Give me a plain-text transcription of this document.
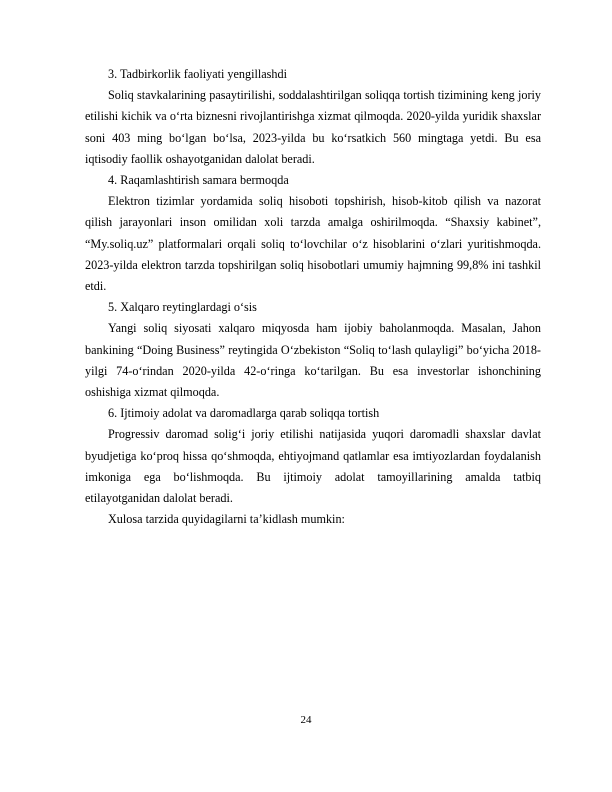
3. Tadbirkorlik faoliyati yengillashdi

Soliq stavkalarining pasaytirilishi, soddalashtirilgan soliqqa tortish tizimining keng joriy etilishi kichik va o‘rta biznesni rivojlantirishga xizmat qilmoqda. 2020-yilda yuridik shaxslar soni 403 ming bo‘lgan bo‘lsa, 2023-yilda bu ko‘rsatkich 560 mingtaga yetdi. Bu esa iqtisodiy faollik oshayotganidan dalolat beradi.

4. Raqamlashtirish samara bermoqda

Elektron tizimlar yordamida soliq hisoboti topshirish, hisob-kitob qilish va nazorat qilish jarayonlari inson omilidan xoli tarzda amalga oshirilmoqda. “Shaxsiy kabinet”, “My.soliq.uz” platformalari orqali soliq to‘lovchilar o‘z hisoblarini o‘zlari yuritishmoqda. 2023-yilda elektron tarzda topshirilgan soliq hisobotlari umumiy hajmning 99,8% ini tashkil etdi.

5. Xalqaro reytinglardagi o‘sis

Yangi soliq siyosati xalqaro miqyosda ham ijobiy baholanmoqda. Masalan, Jahon bankining “Doing Business” reytingida O‘zbekiston “Soliq to‘lash qulayligi” bo‘yicha 2018-yilgi 74-o‘rindan 2020-yilda 42-o‘ringa ko‘tarilgan. Bu esa investorlar ishonchining oshishiga xizmat qilmoqda.

6. Ijtimoiy adolat va daromadlarga qarab soliqqa tortish

Progressiv daromad solig‘i joriy etilishi natijasida yuqori daromadli shaxslar davlat byudjetiga ko‘proq hissa qo‘shmoqda, ehtiyojmand qatlamlar esa imtiyozlardan foydalanish imkoniga ega bo‘lishmoqda. Bu ijtimoiy adolat tamoyillarining amalda tatbiq etilayotganidan dalolat beradi.

Xulosa tarzida quyidagilarni ta’kidlash mumkin:

24
